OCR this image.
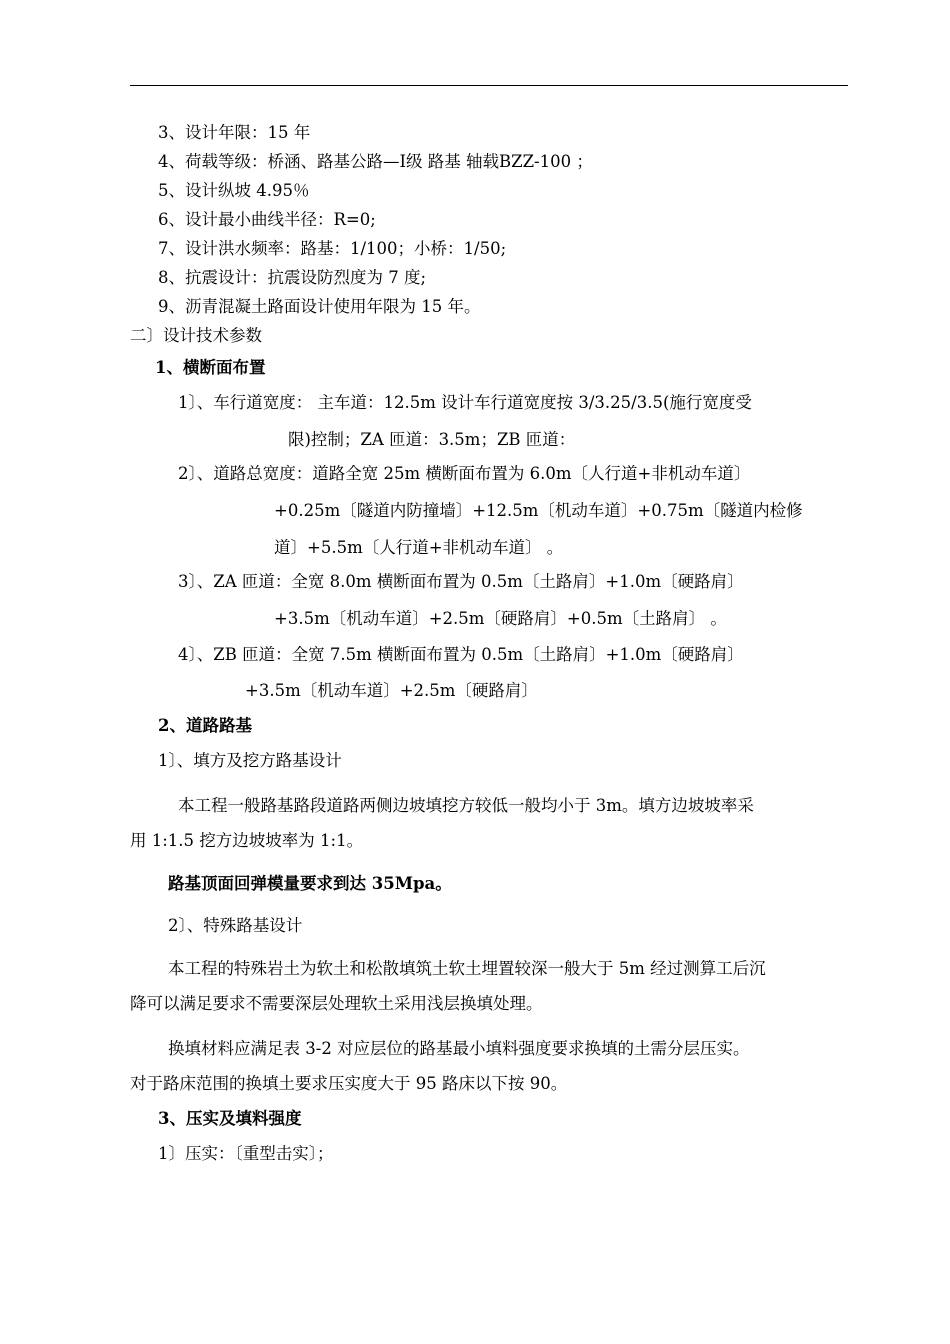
3、设计年限：15 年
4、荷载等级：桥涵、路基公路—Ⅰ级 路基 轴载BZZ-100 ；
5、设计纵坡 4.95％
6、设计最小曲线半径：R=0;
7、设计洪水频率：路基：1/100；小桥：1/50;
8、抗震设计：抗震设防烈度为 7 度;
9、沥青混凝土路面设计使用年限为 15 年。
二〕设计技术参数
1、横断面布置
1〕、车行道宽度： 主车道：12.5m 设计车行道宽度按 3/3.25/3.5(施行宽度受
限)控制；ZA 匝道：3.5m；ZB 匝道：
2〕、道路总宽度：道路全宽 25m 横断面布置为 6.0m〔人行道+非机动车道〕
+0.25m〔隧道内防撞墙〕+12.5m〔机动车道〕+0.75m〔隧道内检修
道〕+5.5m〔人行道+非机动车道〕 。
3〕、ZA 匝道：全宽 8.0m 横断面布置为 0.5m〔土路肩〕+1.0m〔硬路肩〕
+3.5m〔机动车道〕+2.5m〔硬路肩〕+0.5m〔土路肩〕 。
4〕、ZB 匝道：全宽 7.5m 横断面布置为 0.5m〔土路肩〕+1.0m〔硬路肩〕
+3.5m〔机动车道〕+2.5m〔硬路肩〕
2、道路路基
1〕、填方及挖方路基设计
本工程一般路基路段道路两侧边坡填挖方较低一般均小于 3m。填方边坡坡率采
用 1:1.5 挖方边坡坡率为 1:1。
路基顶面回弹模量要求到达 35Mpa。
2〕、特殊路基设计
本工程的特殊岩土为软土和松散填筑土软土埋置较深一般大于 5m 经过测算工后沉
降可以满足要求不需要深层处理软土采用浅层换填处理。
换填材料应满足表 3-2 对应层位的路基最小填料强度要求换填的土需分层压实。
对于路床范围的换填土要求压实度大于 95 路床以下按 90。
3、压实及填料强度
1〕压实：〔重型击实〕；
